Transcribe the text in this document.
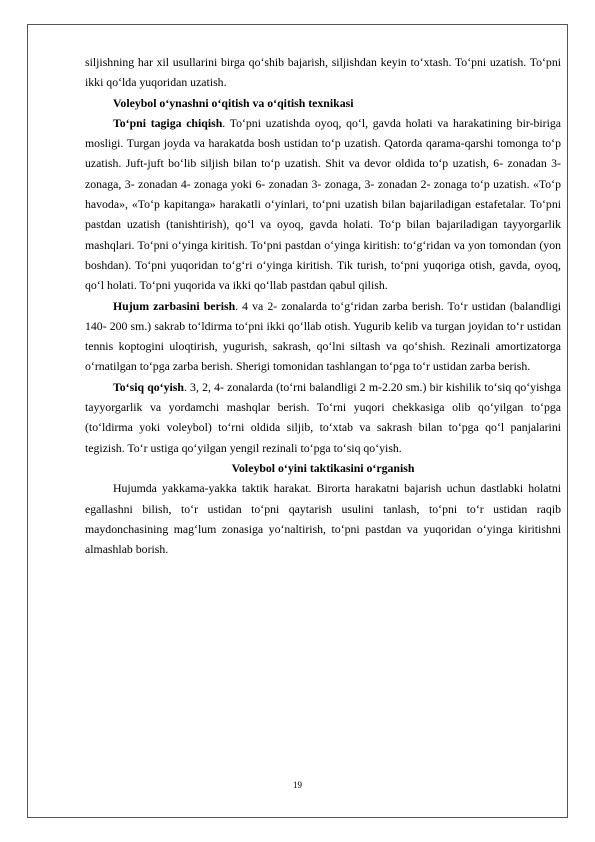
siljishning har xil usullarini birga qo‘shib bajarish, siljishdan keyin to‘xtash. To‘pni uzatish. To‘pni ikki qo‘lda yuqoridan uzatish.

Voleybol o‘ynashni o‘qitish va o‘qitish texnikasi

To‘pni tagiga chiqish. To‘pni uzatishda oyoq, qo‘l, gavda holati va harakatining bir-biriga mosligi. Turgan joyda va harakatda bosh ustidan to‘p uzatish. Qatorda qarama-qarshi tomonga to‘p uzatish. Juft-juft bo‘lib siljish bilan to‘p uzatish. Shit va devor oldida to‘p uzatish, 6- zonadan 3- zonaga, 3- zonadan 4- zonaga yoki 6- zonadan 3- zonaga, 3- zonadan 2- zonaga to‘p uzatish. «To‘p havoda», «To‘p kapitanga» harakatli o‘yinlari, to‘pni uzatish bilan bajariladigan estafetalar. To‘pni pastdan uzatish (tanishtirish), qo‘l va oyoq, gavda holati. To‘p bilan bajariladigan tayyorgarlik mashqlari. To‘pni o‘yinga kiritish. To‘pni pastdan o‘yinga kiritish: to‘g‘ridan va yon tomondan (yon boshdan). To‘pni yuqoridan to‘g‘ri o‘yinga kiritish. Tik turish, to‘pni yuqoriga otish, gavda, oyoq, qo‘l holati. To‘pni yuqorida va ikki qo‘llab pastdan qabul qilish.

Hujum zarbasini berish. 4 va 2- zonalarda to‘g‘ridan zarba berish. To‘r ustidan (balandligi 140- 200 sm.) sakrab to‘ldirma to‘pni ikki qo‘llab otish. Yugurib kelib va turgan joyidan to‘r ustidan tennis koptogini uloqtirish, yugurish, sakrash, qo‘lni siltash va qo‘shish. Rezinali amortizatorga o‘rnatilgan to‘pga zarba berish. Sherigi tomonidan tashlangan to‘pga to‘r ustidan zarba berish.

To‘siq qo‘yish. 3, 2, 4- zonalarda (to‘rni balandligi 2 m-2.20 sm.) bir kishilik to‘siq qo‘yishga tayyorgarlik va yordamchi mashqlar berish. To‘rni yuqori chekkasiga olib qo‘yilgan to‘pga (to‘ldirma yoki voleybol) to‘rni oldida siljib, to‘xtab va sakrash bilan to‘pga qo‘l panjalarini tegizish. To‘r ustiga qo‘yilgan yengil rezinali to‘pga to‘siq qo‘yish.

Voleybol o‘yini taktikasini o‘rganish

Hujumda yakkama-yakka taktik harakat. Birorta harakatni bajarish uchun dastlabki holatni egallashni bilish, to‘r ustidan to‘pni qaytarish usulini tanlash, to‘pni to‘r ustidan raqib maydonchasining mag‘lum zonasiga yo‘naltirish, to‘pni pastdan va yuqoridan o‘yinga kiritishni almashlab borish.

19
